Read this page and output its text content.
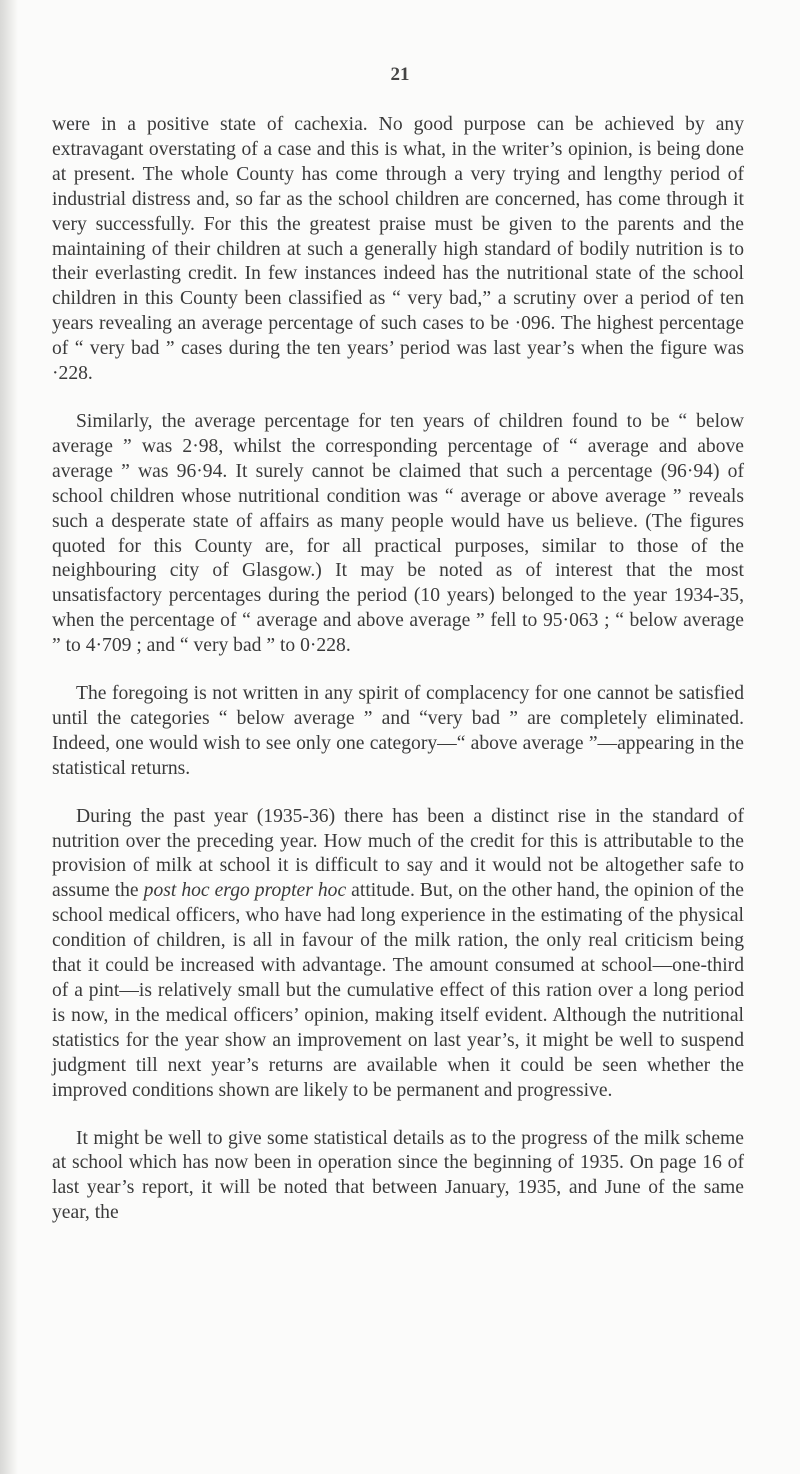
21

were in a positive state of cachexia. No good purpose can be achieved by any extravagant overstating of a case and this is what, in the writer’s opinion, is being done at present. The whole County has come through a very trying and lengthy period of industrial distress and, so far as the school children are concerned, has come through it very successfully. For this the greatest praise must be given to the parents and the maintaining of their children at such a generally high standard of bodily nutrition is to their everlasting credit. In few instances indeed has the nutritional state of the school children in this County been classified as “ very bad,” a scrutiny over a period of ten years revealing an average percentage of such cases to be ·096. The highest percentage of “ very bad ” cases during the ten years’ period was last year’s when the figure was ·228.

Similarly, the average percentage for ten years of children found to be “ below average ” was 2·98, whilst the corresponding percentage of “ average and above average ” was 96·94. It surely cannot be claimed that such a percentage (96·94) of school children whose nutritional condition was “ average or above average ” reveals such a desperate state of affairs as many people would have us believe. (The figures quoted for this County are, for all practical purposes, similar to those of the neighbouring city of Glasgow.) It may be noted as of interest that the most unsatisfactory percentages during the period (10 years) belonged to the year 1934-35, when the percentage of “ average and above average ” fell to 95·063 ; “ below average ” to 4·709 ; and “ very bad ” to 0·228.

The foregoing is not written in any spirit of complacency for one cannot be satisfied until the categories “ below average ” and “very bad ” are completely eliminated. Indeed, one would wish to see only one category—“ above average ”—appearing in the statistical returns.

During the past year (1935-36) there has been a distinct rise in the standard of nutrition over the preceding year. How much of the credit for this is attributable to the provision of milk at school it is difficult to say and it would not be altogether safe to assume the post hoc ergo propter hoc attitude. But, on the other hand, the opinion of the school medical officers, who have had long experience in the estimating of the physical condition of children, is all in favour of the milk ration, the only real criticism being that it could be increased with advantage. The amount consumed at school—one-third of a pint—is relatively small but the cumulative effect of this ration over a long period is now, in the medical officers’ opinion, making itself evident. Although the nutritional statistics for the year show an improvement on last year’s, it might be well to suspend judgment till next year’s returns are available when it could be seen whether the improved conditions shown are likely to be permanent and progressive.

It might be well to give some statistical details as to the progress of the milk scheme at school which has now been in operation since the beginning of 1935. On page 16 of last year’s report, it will be noted that between January, 1935, and June of the same year, the
